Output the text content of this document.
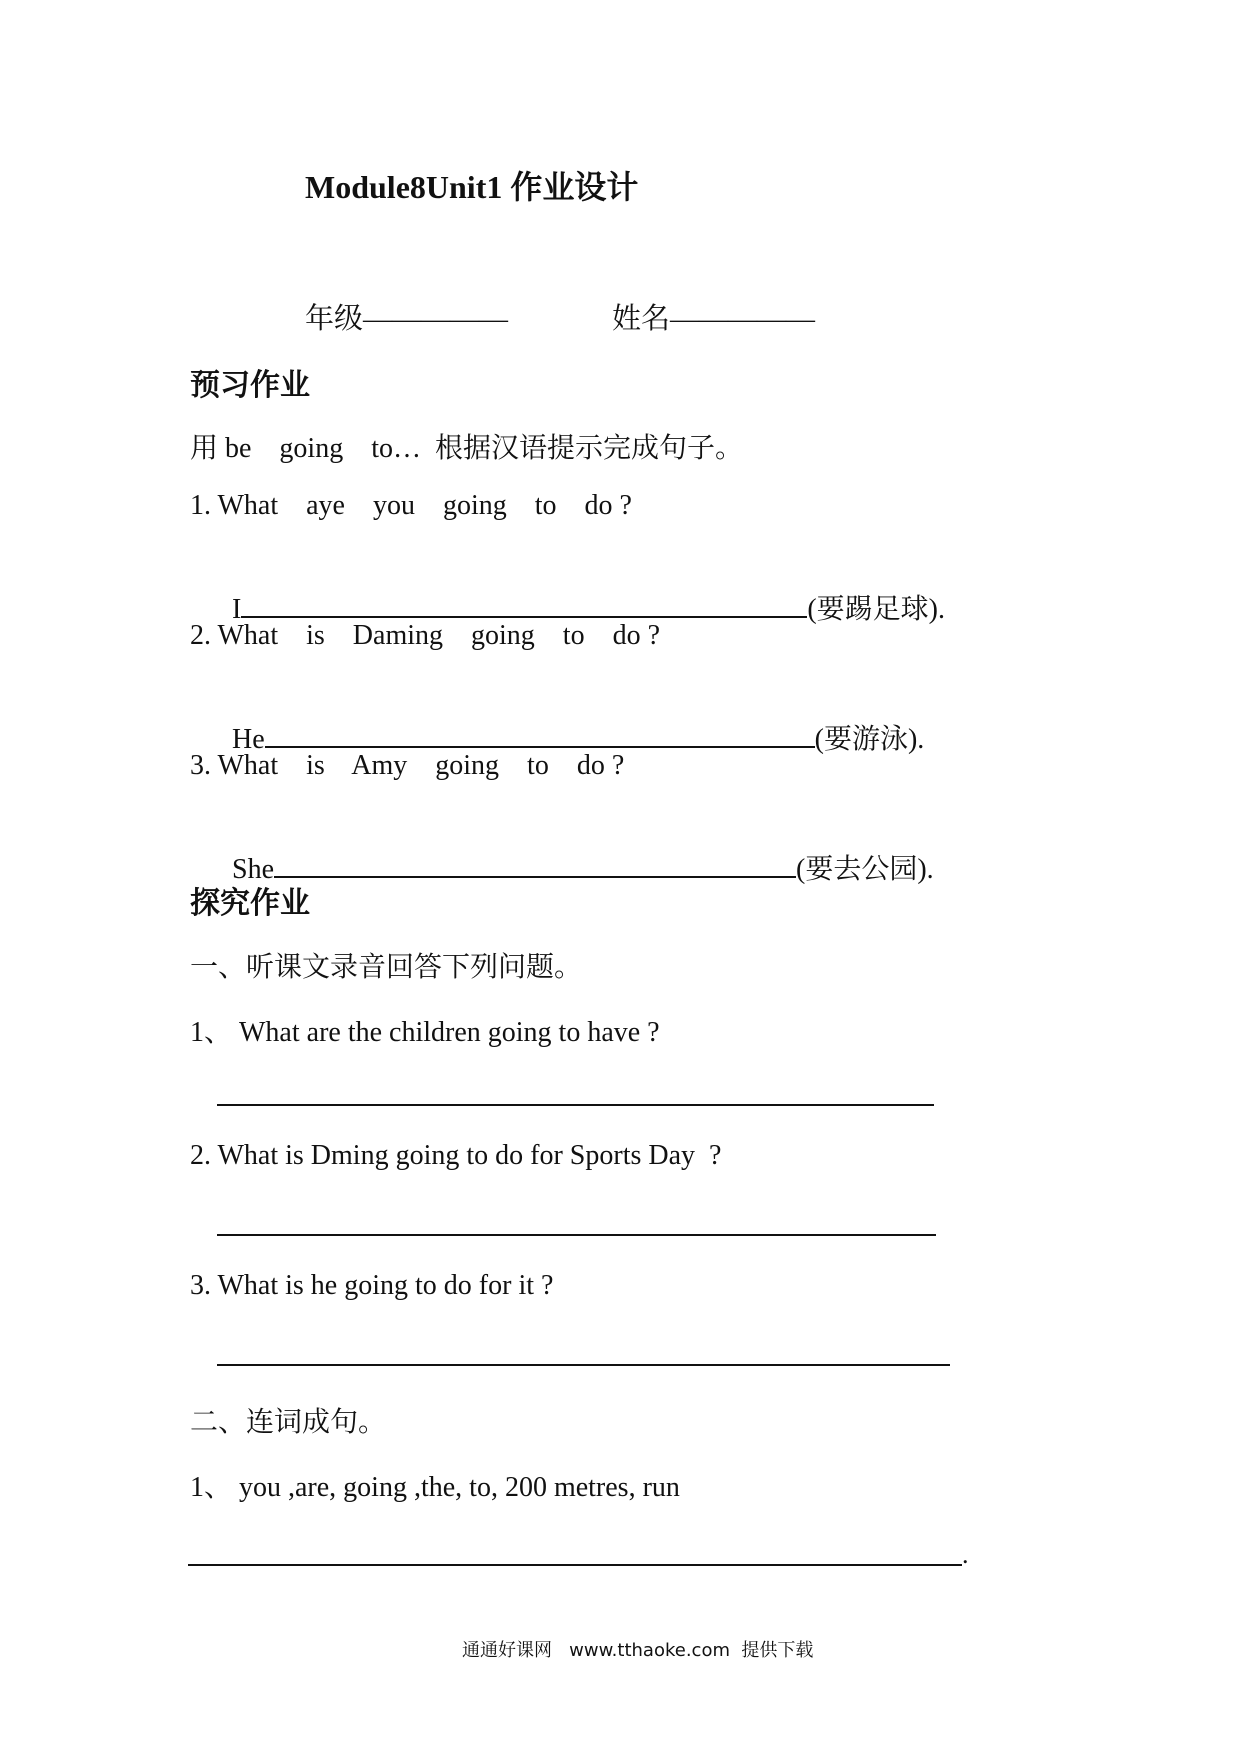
Module8Unit1 作业设计
年级—————	姓名—————
预习作业
用 be    going    to…  根据汉语提示完成句子。
1. What    aye    you    going    to    do ?

I	(要踢足球).

2. What    is    Daming    going    to    do ?

He	(要游泳).

3. What    is    Amy    going    to    do ?

She	(要去公园).

探究作业
一、听课文录音回答下列问题。
1、 What are the children going to have ?
2. What is Dming going to do for Sports Day  ?
3. What is he going to do for it ?
二、连词成句。
1、 you ,are, going ,the, to, 200 metres, run
.
通通好课网   www.tthaoke.com  提供下载
